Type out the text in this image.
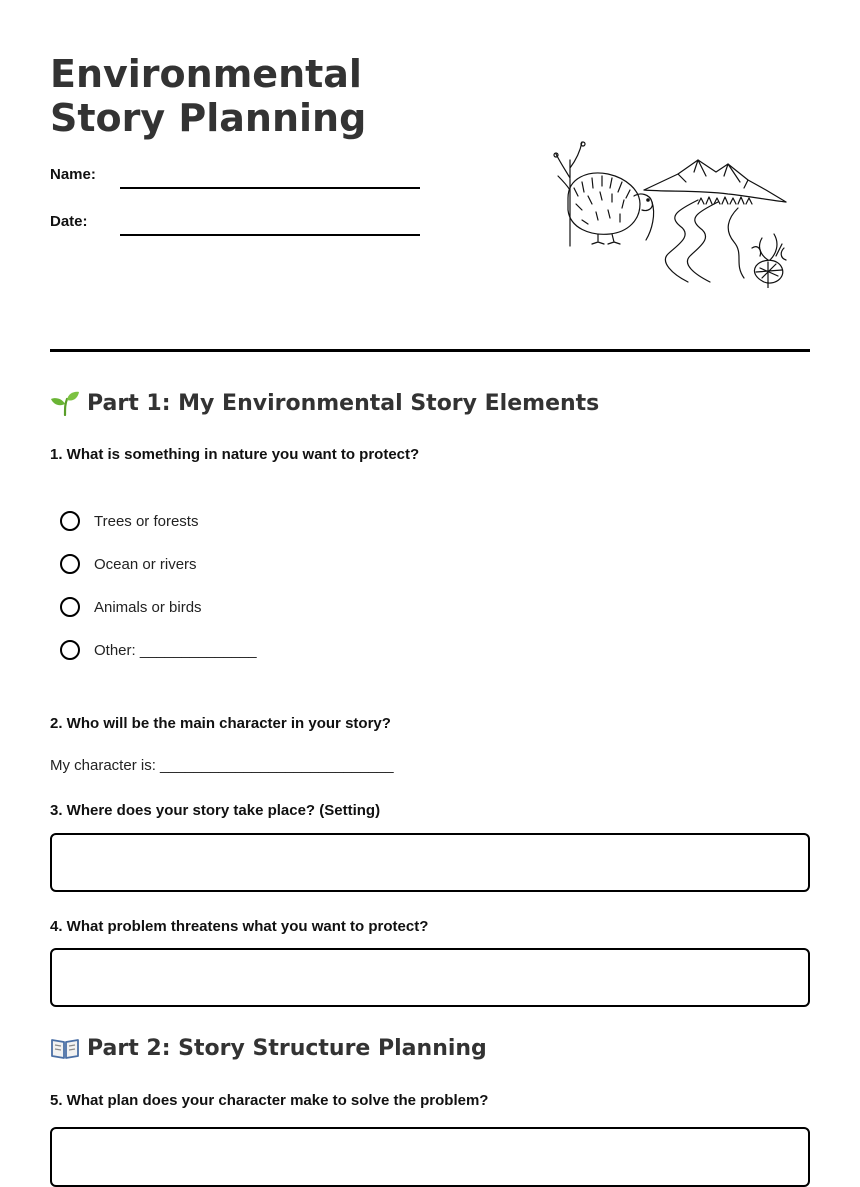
Environmental Story Planning
Name:
Date:
Part 1: My Environmental Story Elements
1. What is something in nature you want to protect?
Trees or forests
Ocean or rivers
Animals or birds
Other: ______________
2. Who will be the main character in your story?
My character is: ____________________________
3. Where does your story take place? (Setting)
4. What problem threatens what you want to protect?
Part 2: Story Structure Planning
5. What plan does your character make to solve the problem?
